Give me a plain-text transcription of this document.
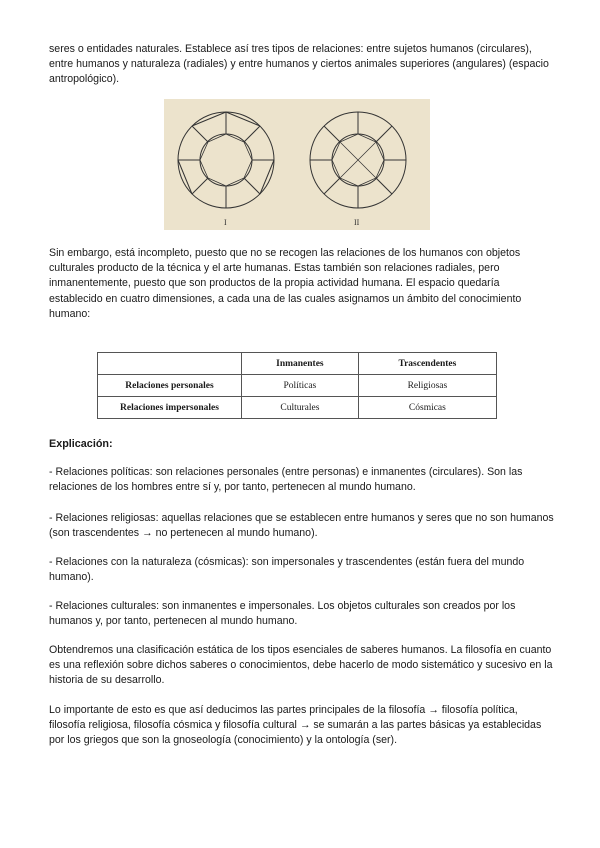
seres o entidades naturales. Establece así tres tipos de relaciones: entre sujetos humanos (circulares), entre humanos y naturaleza (radiales) y entre humanos y ciertos animales superiores (angulares) (espacio antropológico).

I	II

Sin embargo, está incompleto, puesto que no se recogen las relaciones de los humanos con objetos culturales producto de la técnica y el arte humanas. Estas también son relaciones radiales, pero inmanentemente, puesto que son productos de la propia actividad humana. El espacio quedaría establecido en cuatro dimensiones, a cada una de las cuales asignamos un ámbito del conocimiento humano:

	Inmanentes	Trascendentes
Relaciones personales	Políticas	Religiosas
Relaciones impersonales	Culturales	Cósmicas

Explicación:

- Relaciones políticas: son relaciones personales (entre personas) e inmanentes (circulares). Son las relaciones de los hombres entre sí y, por tanto, pertenecen al mundo humano.

- Relaciones religiosas: aquellas relaciones que se establecen entre humanos y seres que no son humanos (son trascendentes → no pertenecen al mundo humano).

- Relaciones con la naturaleza (cósmicas): son impersonales y trascendentes (están fuera del mundo humano).

- Relaciones culturales: son inmanentes e impersonales. Los objetos culturales son creados por los humanos y, por tanto, pertenecen al mundo humano.

Obtendremos una clasificación estática de los tipos esenciales de saberes humanos. La filosofía en cuanto es una reflexión sobre dichos saberes o conocimientos, debe hacerlo de modo sistemático y sucesivo en la historia de su desarrollo.

Lo importante de esto es que así deducimos las partes principales de la filosofía → filosofía política, filosofía religiosa, filosofía cósmica y filosofía cultural → se sumarán a las partes básicas ya establecidas por los griegos que son la gnoseología (conocimiento) y la ontología (ser).
